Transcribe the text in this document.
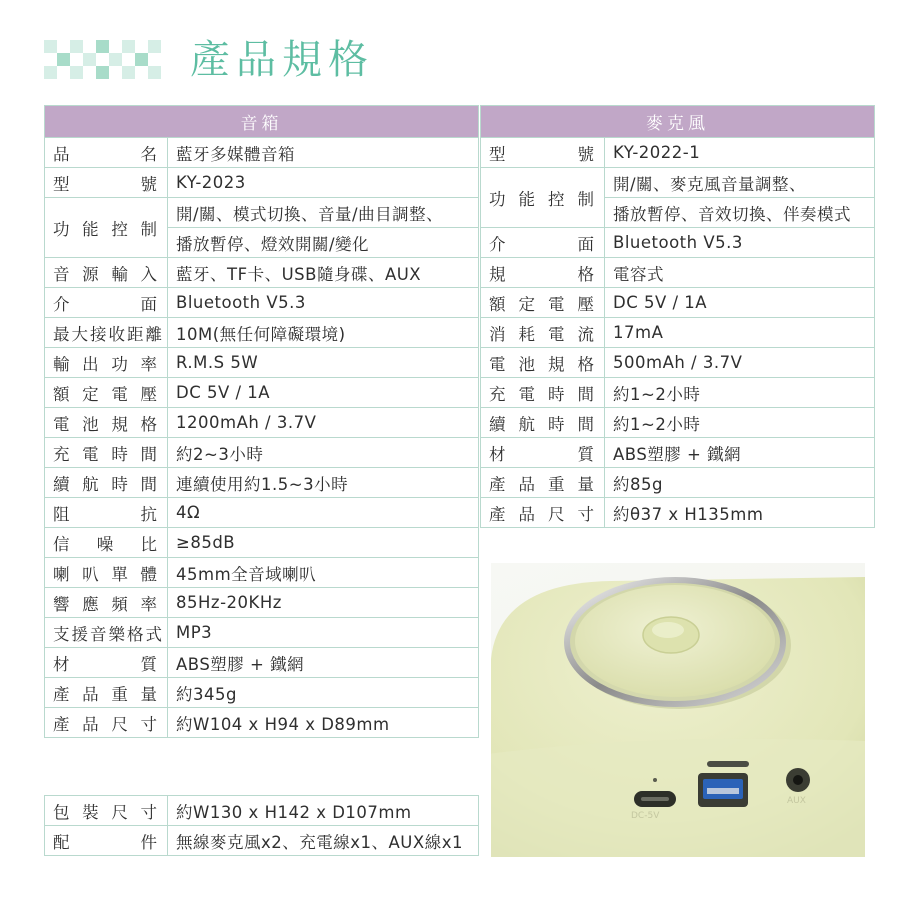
產品規格
音箱	
品名	藍牙多媒體音箱
型號	KY-2023
功能控制	開/關、模式切換、音量/曲目調整、
	播放暫停、燈效開關/變化
音源輸入	藍牙、TF卡、USB隨身碟、AUX
介面	Bluetooth V5.3
最大接收距離	10M(無任何障礙環境)
輸出功率	R.M.S 5W
額定電壓	DC 5V / 1A
電池規格	1200mAh / 3.7V
充電時間	約2~3小時
續航時間	連續使用約1.5~3小時
阻抗	4Ω
信噪比	≥85dB
喇叭單體	45mm全音域喇叭
響應頻率	85Hz-20KHz
支援音樂格式	MP3
材質	ABS塑膠 + 鐵網
產品重量	約345g
產品尺寸	約W104 x H94 x D89mm
麥克風	
型號	KY-2022-1
功能控制	開/關、麥克風音量調整、
	播放暫停、音效切換、伴奏模式
介面	Bluetooth V5.3
規格	電容式
額定電壓	DC 5V / 1A
消耗電流	17mA
電池規格	500mAh / 3.7V
充電時間	約1~2小時
續航時間	約1~2小時
材質	ABS塑膠 + 鐵網
產品重量	約85g
產品尺寸	約θ37 x H135mm
包裝尺寸	約W130 x H142 x D107mm
配件	無線麥克風x2、充電線x1、AUX線x1
DC-5V
AUX
